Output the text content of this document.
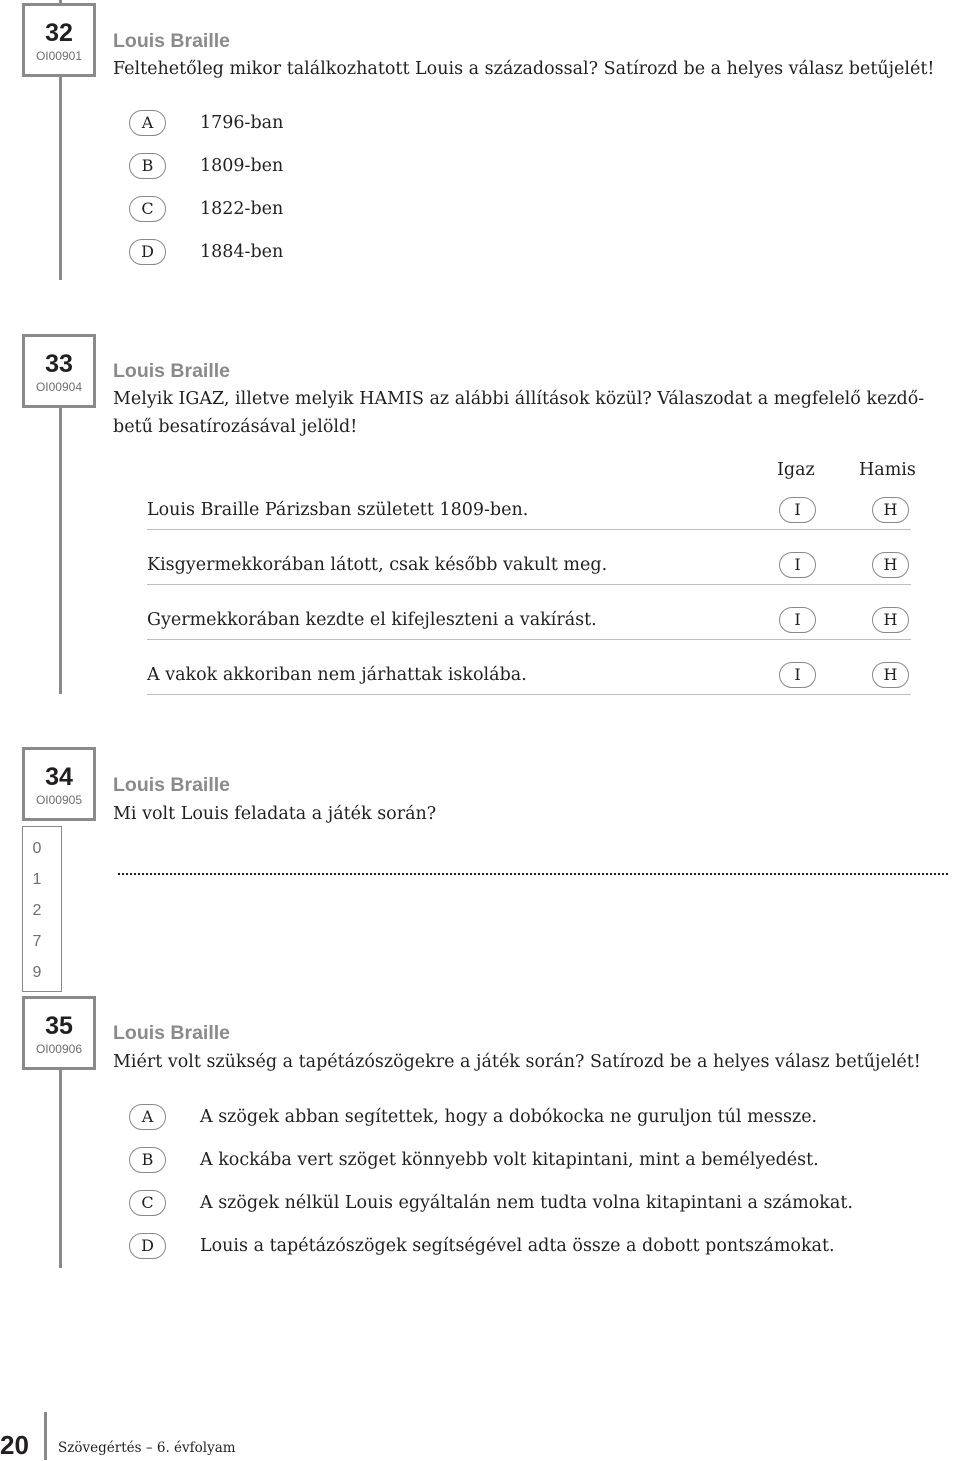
32
OI00901
Louis Braille
Feltehetőleg mikor találkozhatott Louis a századossal? Satírozd be a helyes válasz betűjelét!
A	1796-ban
B	1809-ben
C	1822-ben
D	1884-ben
33
OI00904
Louis Braille
Melyik IGAZ, illetve melyik HAMIS az alábbi állítások közül? Válaszodat a megfelelő kezdő-
betű besatírozásával jelöld!
Igaz	Hamis
Louis Braille Párizsban született 1809-ben.	I	H
Kisgyermekkorában látott, csak később vakult meg.	I	H
Gyermekkorában kezdte el kifejleszteni a vakírást.	I	H
A vakok akkoriban nem járhattak iskolába.	I	H
34
OI00905
0
1
2
7
9
Louis Braille
Mi volt Louis feladata a játék során?
35
OI00906
Louis Braille
Miért volt szükség a tapétázószögekre a játék során? Satírozd be a helyes válasz betűjelét!
A	A szögek abban segítettek, hogy a dobókocka ne guruljon túl messze.
B	A kockába vert szöget könnyebb volt kitapintani, mint a bemélyedést.
C	A szögek nélkül Louis egyáltalán nem tudta volna kitapintani a számokat.
D	Louis a tapétázószögek segítségével adta össze a dobott pontszámokat.
20 Szövegértés – 6. évfolyam
